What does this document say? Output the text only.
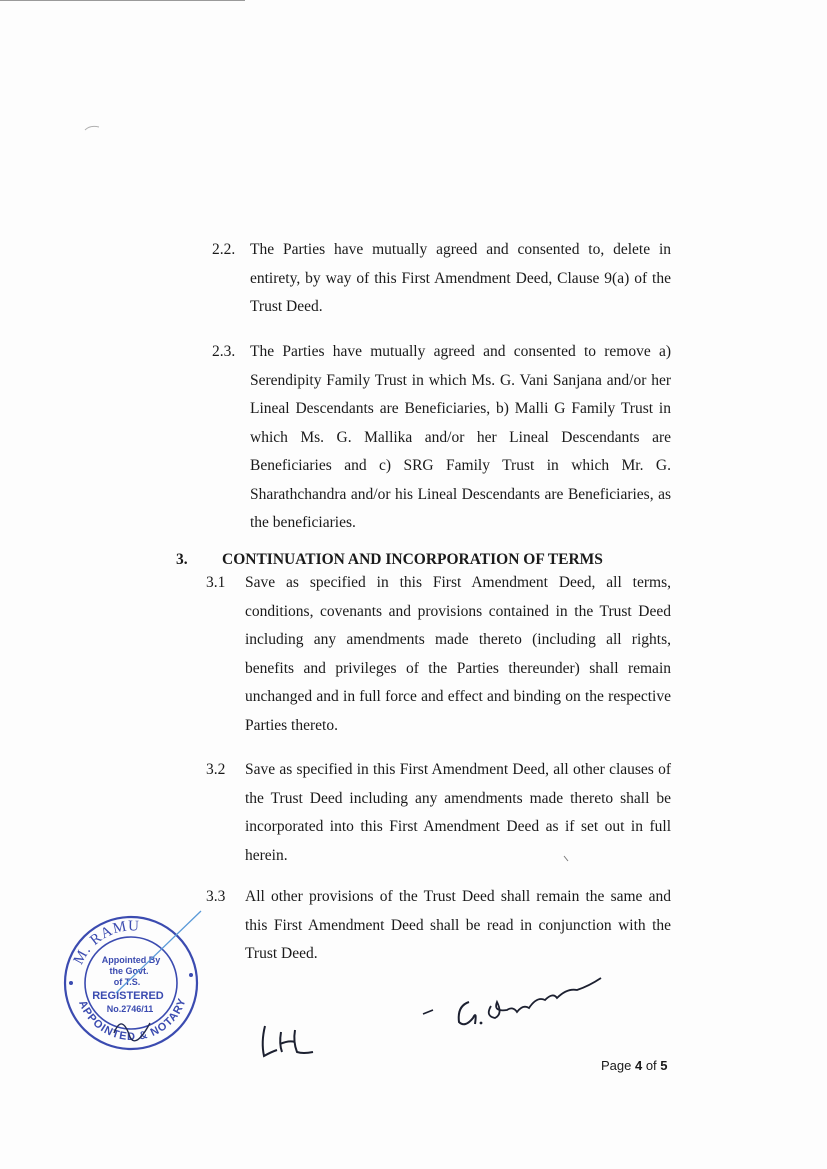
2.2. The Parties have mutually agreed and consented to, delete in entirety, by way of this First Amendment Deed, Clause 9(a) of the Trust Deed.
2.3. The Parties have mutually agreed and consented to remove a) Serendipity Family Trust in which Ms. G. Vani Sanjana and/or her Lineal Descendants are Beneficiaries, b) Malli G Family Trust in which Ms. G. Mallika and/or her Lineal Descendants are Beneficiaries and c) SRG Family Trust in which Mr. G. Sharathchandra and/or his Lineal Descendants are Beneficiaries, as the beneficiaries.
3. CONTINUATION AND INCORPORATION OF TERMS
3.1 Save as specified in this First Amendment Deed, all terms, conditions, covenants and provisions contained in the Trust Deed including any amendments made thereto (including all rights, benefits and privileges of the Parties thereunder) shall remain unchanged and in full force and effect and binding on the respective Parties thereto.
3.2 Save as specified in this First Amendment Deed, all other clauses of the Trust Deed including any amendments made thereto shall be incorporated into this First Amendment Deed as if set out in full herein.
3.3 All other provisions of the Trust Deed shall remain the same and this First Amendment Deed shall be read in conjunction with the Trust Deed.
M. RAMU
APPOINTED & NOTARY
Appointed By
the Govt.
of T.S.
REGISTERED
No.2746/11
Page 4 of 5
